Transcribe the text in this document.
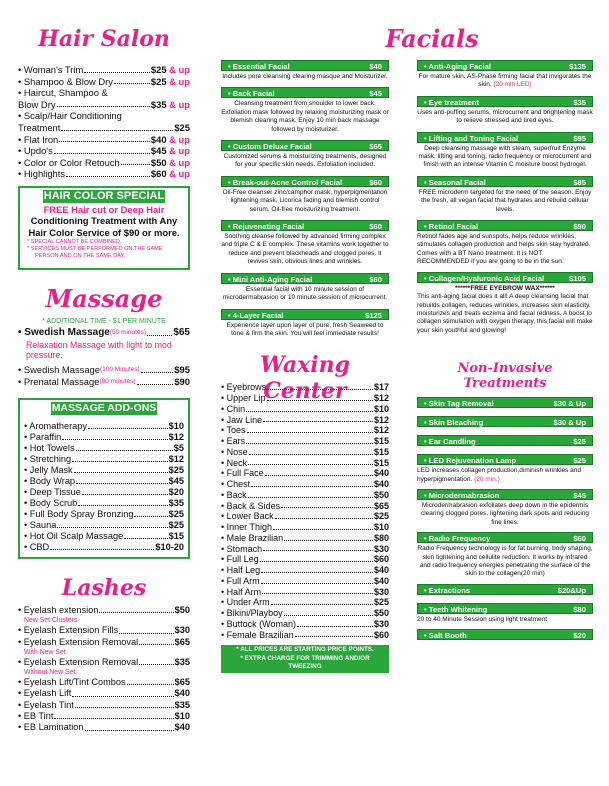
Hair Salon
• Woman's Trim	$25 & up
• Shampoo & Blow Dry	$25 & up
• Haircut, Shampoo &
Blow Dry	$35 & up
• Scalp/Hair Conditioning
Treatment	$25
• Flat Iron	$40 & up
• Updo's	$45 & up
• Color or Color Retouch	$50 & up
• Highlights	$60 & up
HAIR COLOR SPECIAL
FREE Hair cut or Deep Hair
Conditioning Treatment with Any
Hair Color Service of $90 or more.
* SPECIAL CANNOT BE COMBINED.
* SERVICES MUST BE PERFORMED ON THE SAME
PERSON AND ON THE SAME DAY.
Massage
* ADDITIONAL TIME - $1 PER MINUTE
• Swedish Massage (50 minutes)	$65
Relaxation Massage with light to mod pressure.
• Swedish Massage (100 Minutes)	$95
• Prenatal Massage (80 minutes)	$90
MASSAGE ADD-ONS
• Aromatherapy	$10
• Paraffin	$12
• Hot Towels	$5
• Stretching	$12
• Jelly Mask	$25
• Body Wrap	$45
• Deep Tissue	$20
• Body Scrub	$35
• Full Body Spray Bronzing	$25
• Sauna	$25
• Hot Oil Scalp Massage	$15
• CBD	$10-20
Lashes
• Eyelash extension	$50
New Set Clusters
• Eyelash Extension Fills	$30
• Eyelash Extension Removal	$65
With New Set
• Eyelash Extension Removal	$35
Without New Set
• Eyelash Lift/Tint Combos	$65
• Eyelash Lift	$40
• Eyelash Tint	$35
• EB Tint	$10
• EB Lamination	$40
• Essential Facial	$40
Includes pore cleansing clearing masque and Moisturizer.
• Back Facial	$45
Cleansing treatment from shoulder to lower back. Exfoliation mask followed by relaxing moisturizing mask or blemish clearing mask. Enjoy 10 min back massage followed by moisturizer.
• Custom Deluxe Facial	$65
Customized serums & moisturizing treatments, designed for your specific skin needs. Exfoliation included.
• Break-out-Acne Control Facial	$60
Oil-Free cleanser zinc/camphor mask, hyperpigmentation lightening mask, Licorica fading and blemish control serum. Oil-free moisturizing treatment.
• Rejuvenating Facial	$60
Soothing cleanse followed by advanced firming complex and triple C & E complex. These vitamins work together to reduce and prevent blackheads and clogged pores. It revives skin, obvious lines and wrinkles.
• Mini Anti-Aging Facial	$60
Essential facial with 10 minute session of microdermabrasion or 10 minute session of microcurrent.
• 4-Layer Facial	$125
Experience layer upon layer of pure, fresh Seaweed to tone & firm the skin. You will feel immediate results!
Waxing Center
• Eyebrows	$17
• Upper Lip	$12
• Chin	$10
• Jaw Line	$12
• Toes	$12
• Ears	$15
• Nose	$15
• Neck	$15
• Full Face	$40
• Chest	$40
• Back	$50
• Back & Sides	$65
• Lower Back	$25
• Inner Thigh	$10
• Male Brazilian	$80
• Stomach	$30
• Full Leg	$60
• Half Leg	$40
• Full Arm	$40
• Half Arm	$30
• Under Arm	$25
• Bikini/Playboy	$50
• Buttock (Woman)	$30
• Female Brazilian	$60
* ALL PRICES ARE STARTING PRICE POINTS.
* EXTRA CHARGE FOR TRIMMING AND/OR TWEEZING
Facials
• Anti-Aging Facial	$135
For mature skin. AS-Phase firming facial that invigorates the skin. (20 min LED)
• Eye treatment	$35
Uses anti-puffing serums, microcurrent and brightening mask to relieve stressed and tired eyes.
• Lifting and Toning Facial	$95
Deep cleansing massage with steam, superfruit Enzyme mask, lifting and toning, radio frequency or microcurrent and finish with an intense Vitamin C moisture boost hydrogel.
• Seasonal Facial	$85
FREE microderm targeted for the need of the season. Enjoy the fresh, all vegan facial that hydrates and rebuild cellular levels.
• Retinol Facial	$90
Retinol fades age and sunspots, helps reduce wrinkles, stimulates collagen production and helps skin stay hydrated. Comes with a BT Nano treatment. It is NOT RECOMMENDED if you are going to be in the sun.
• Collagen/Hyaluronic Acid Facial	$105
******FREE EYEBROW WAX******
This anti-aging facial does it all! A deep cleansing facial that rebuilds collagen, reduces wrinkles, increases skin elasticity, moisturizes and treats eczema and facial redness. A boost to collagen stimulation with oxygen therapy, this facial will make your skin youthful and glowing!
Non-Invasive Treatments
• Skin Tag Removal	$30 & Up
• Skin Bleaching	$30 & Up
• Ear Candling	$25
• LED Rejuvenation Lamp	$25
LED increases collagen production,diminish wrinkles and hyperpigmentation. (20 min.)
• Microdermabrasion	$45
Microdermabrasion exfoliates deep down in the epidermis clearing clogged pores, lightening dark spots and reducing fine lines.
• Radio Frequency	$60
Radio Frequency technology is for fat burning, body shaping, skin tightening and cellulite reduction. It works by infrared and radio frequency energies penetrating the surface of the skin to the collagen(20 min)
• Extractions	$20&Up
• Teeth Whitening	$80
20 to 40 Minute Session using light treatment
• Salt Booth	$20
